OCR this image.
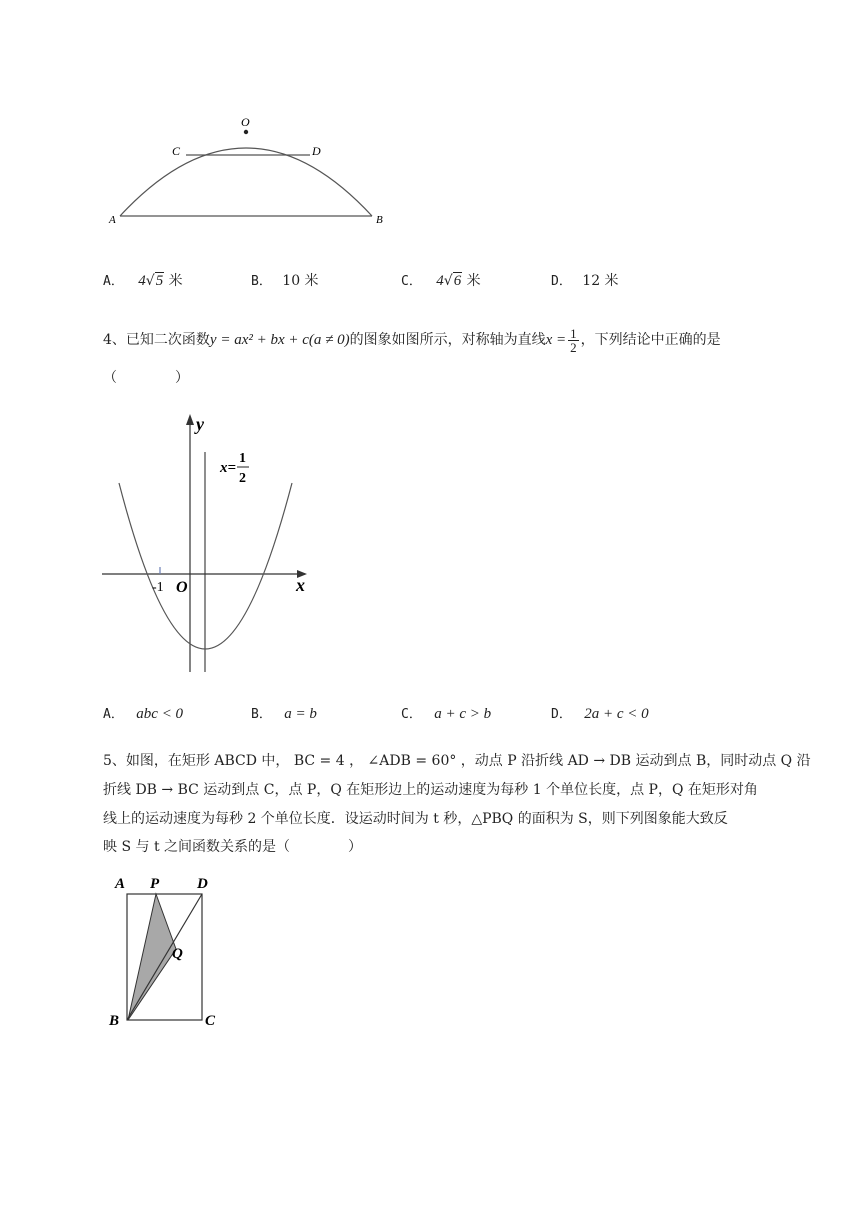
O
C	D
A	B
A． 4√5 米	B． 10 米	C． 4√6 米	D． 12 米
4、已知二次函数y = ax² + bx + c(a ≠ 0)的图象如图所示，对称轴为直线$x = \frac{1}{2}$ ，下列结论中正确的是
（	）
-1 O	x
y
x=
1
2
A． abc < 0	B． a = b	C． a + c > b	D． 2a + c < 0
5、如图，在矩形 ABCD 中， BC = 4 ， ∠ADB = 60° ，动点 P 沿折线 AD → DB 运动到点 B，同时动点 Q 沿
折线 DB → BC 运动到点 C，点 P，Q 在矩形边上的运动速度为每秒 1 个单位长度，点 P，Q 在矩形对角
线上的运动速度为每秒 2 个单位长度．设运动时间为 t 秒，△PBQ 的面积为 S，则下列图象能大致反
映 S 与 t 之间函数关系的是（	）
A P	D
Q
B	C
